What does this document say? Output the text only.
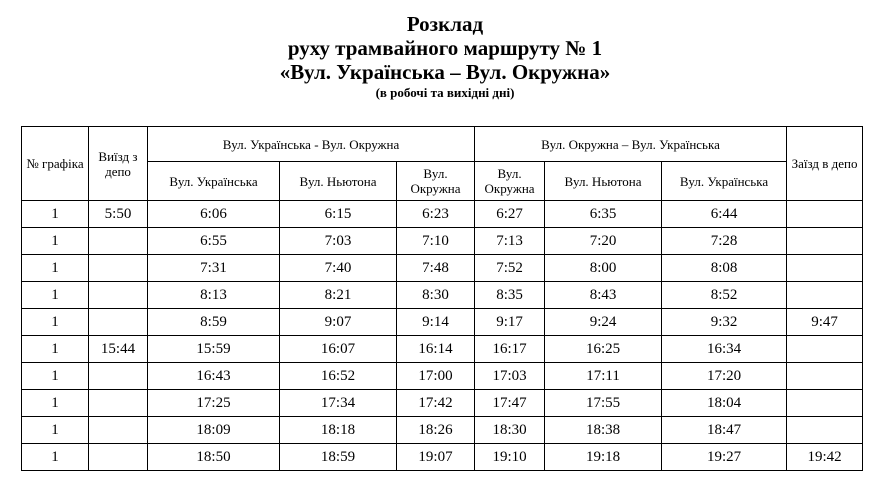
Розклад
руху трамвайного маршруту № 1
«Вул. Українська – Вул. Окружна»
(в робочі та вихідні дні)
№ графіка	Виїзд з депо	Вул. Українська - Вул. Окружна			Вул. Окружна – Вул. Українська			Заїзд в депо
		Вул. Українська	Вул. Ньютона	Вул. Окружна	Вул. Окружна	Вул. Ньютона	Вул. Українська	
1	5:50	6:06	6:15	6:23	6:27	6:35	6:44	
1		6:55	7:03	7:10	7:13	7:20	7:28	
1		7:31	7:40	7:48	7:52	8:00	8:08	
1		8:13	8:21	8:30	8:35	8:43	8:52	
1		8:59	9:07	9:14	9:17	9:24	9:32	9:47
1	15:44	15:59	16:07	16:14	16:17	16:25	16:34	
1		16:43	16:52	17:00	17:03	17:11	17:20	
1		17:25	17:34	17:42	17:47	17:55	18:04	
1		18:09	18:18	18:26	18:30	18:38	18:47	
1		18:50	18:59	19:07	19:10	19:18	19:27	19:42
